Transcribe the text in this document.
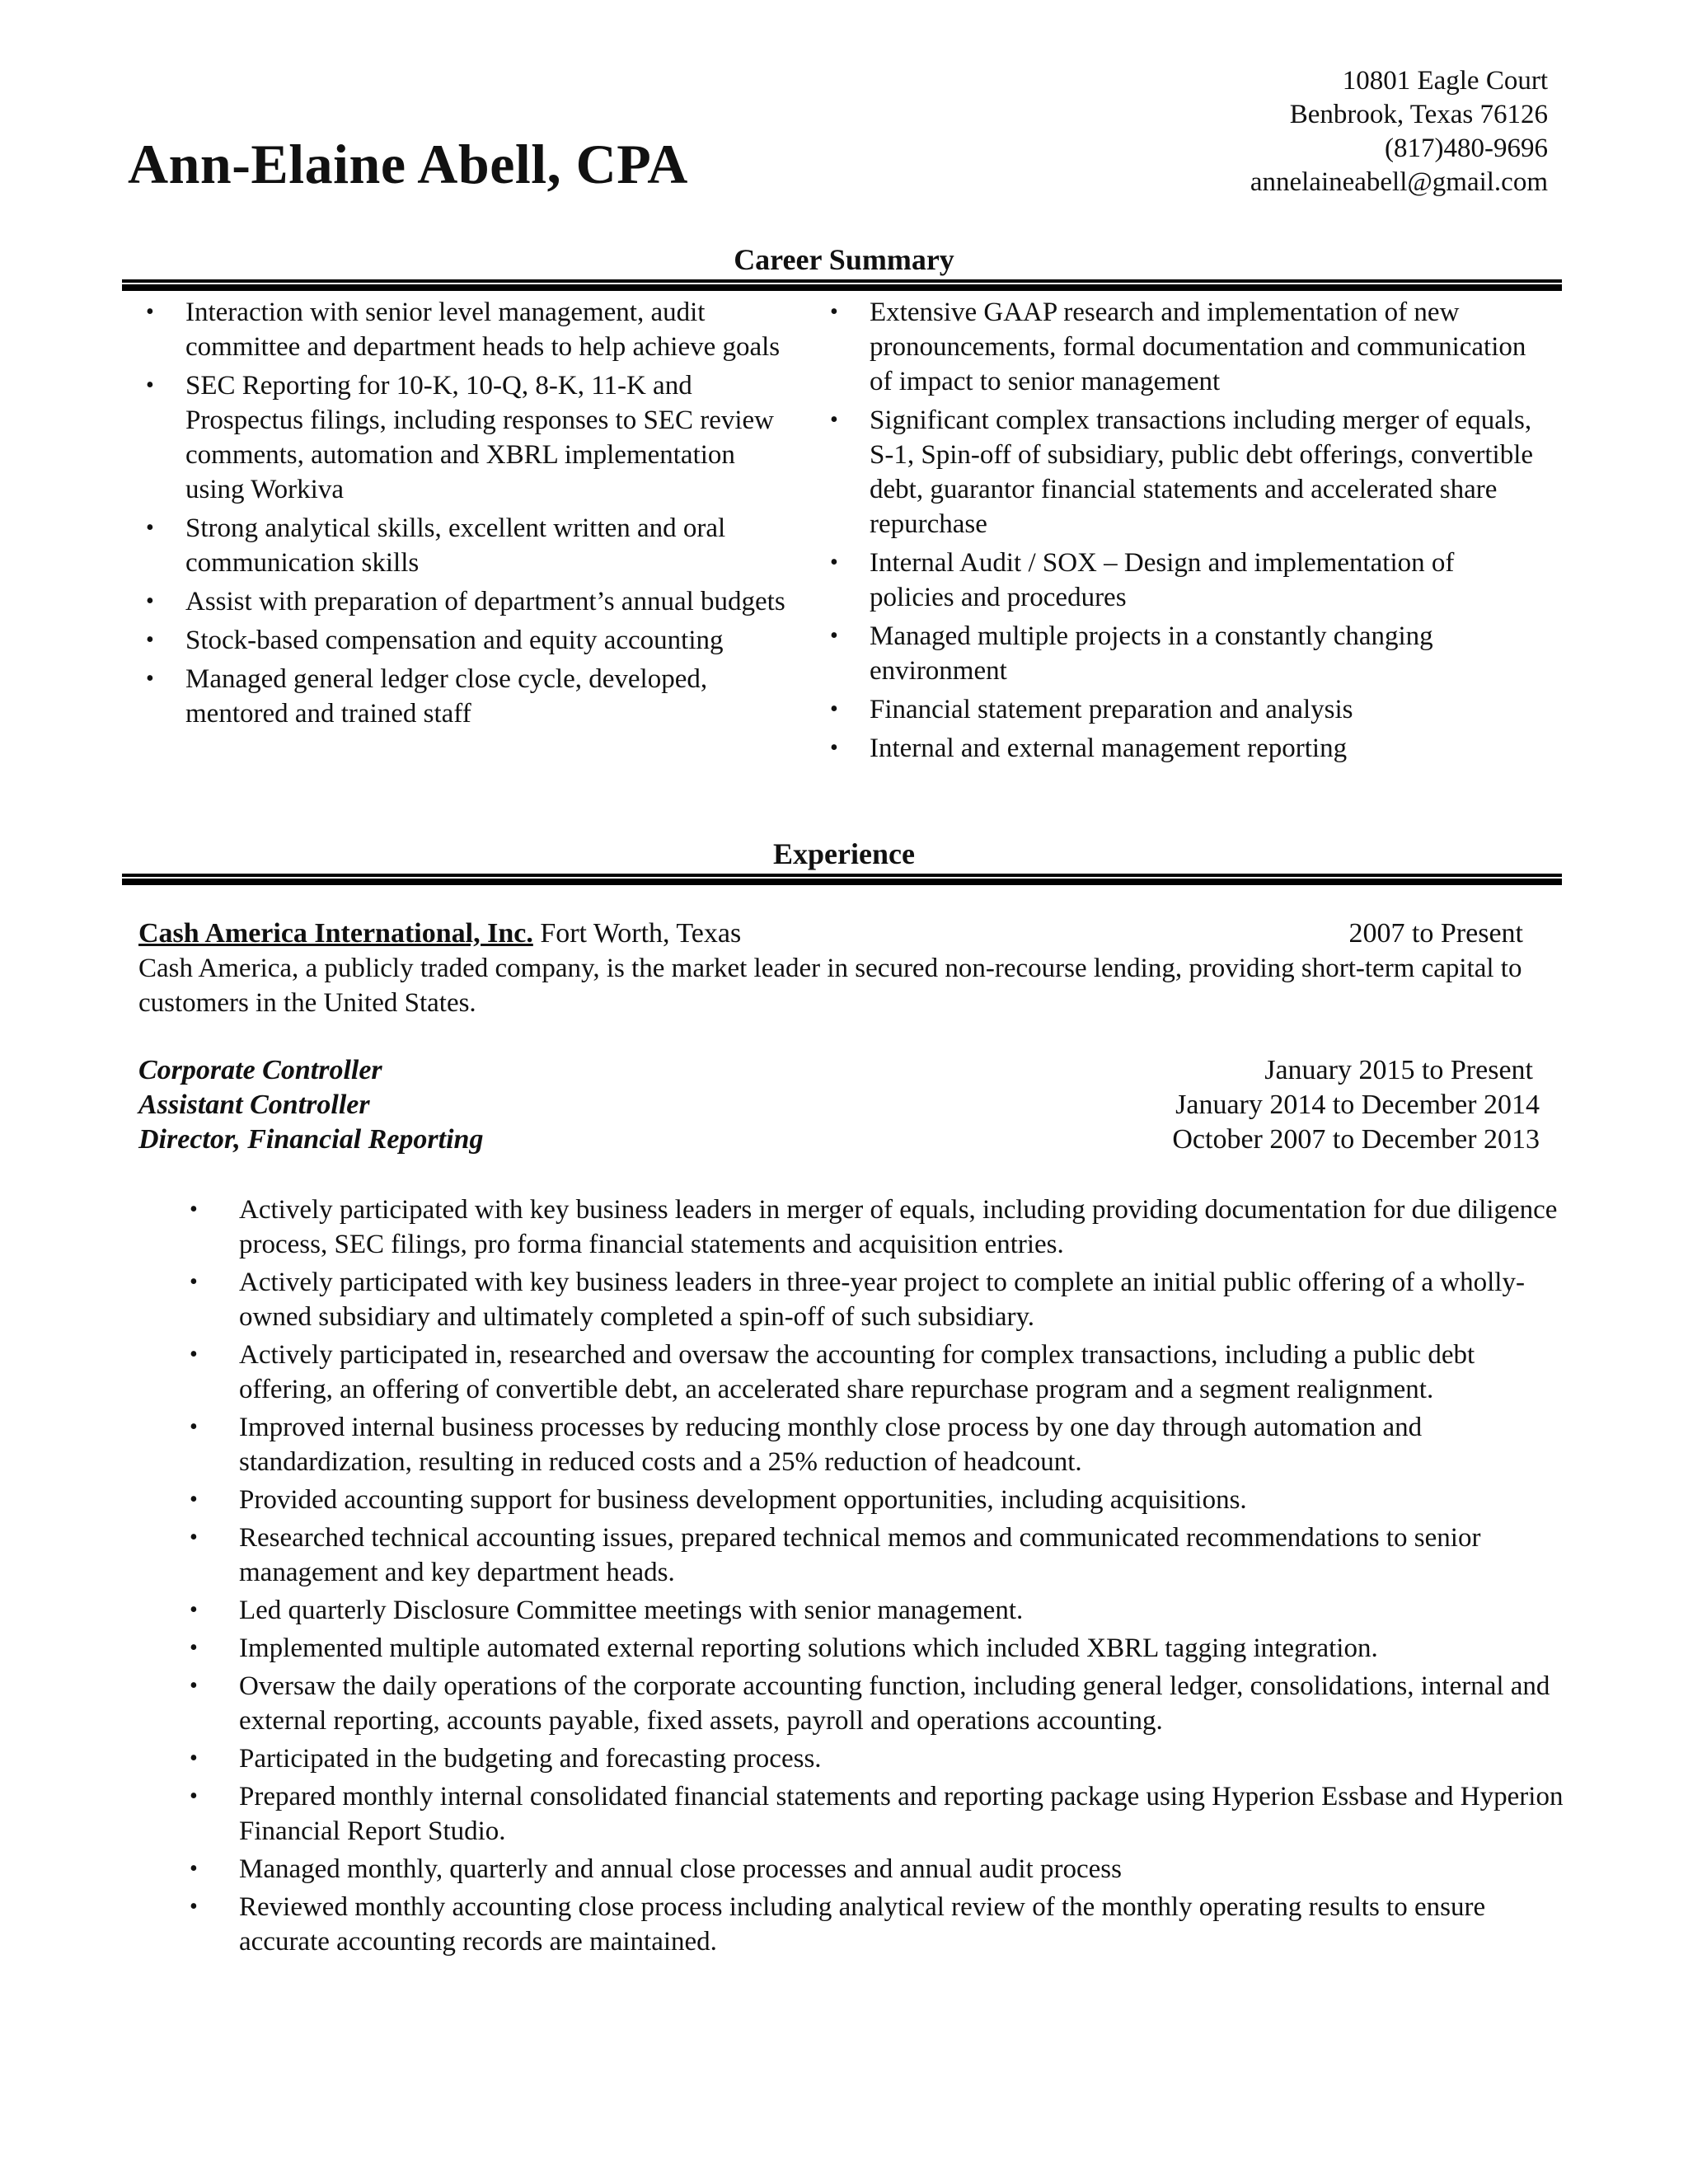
Ann-Elaine Abell, CPA
10801 Eagle Court
Benbrook, Texas 76126
(817)480-9696
annelaineabell@gmail.com
Career Summary
• Interaction with senior level management, audit committee and department heads to help achieve goals
• SEC Reporting for 10-K, 10-Q, 8-K, 11-K and Prospectus filings, including responses to SEC review comments, automation and XBRL implementation using Workiva
• Strong analytical skills, excellent written and oral communication skills
• Assist with preparation of department’s annual budgets
• Stock-based compensation and equity accounting
• Managed general ledger close cycle, developed, mentored and trained staff
• Extensive GAAP research and implementation of new pronouncements, formal documentation and communication of impact to senior management
• Significant complex transactions including merger of equals, S-1, Spin-off of subsidiary, public debt offerings, convertible debt, guarantor financial statements and accelerated share repurchase
• Internal Audit / SOX – Design and implementation of policies and procedures
• Managed multiple projects in a constantly changing environment
• Financial statement preparation and analysis
• Internal and external management reporting
Experience
Cash America International, Inc. Fort Worth, Texas	2007 to Present
Cash America, a publicly traded company, is the market leader in secured non-recourse lending, providing short-term capital to customers in the United States.
Corporate Controller	January 2015 to Present
Assistant Controller	January 2014 to December 2014
Director, Financial Reporting	October 2007 to December 2013
• Actively participated with key business leaders in merger of equals, including providing documentation for due diligence process, SEC filings, pro forma financial statements and acquisition entries.
• Actively participated with key business leaders in three-year project to complete an initial public offering of a wholly-owned subsidiary and ultimately completed a spin-off of such subsidiary.
• Actively participated in, researched and oversaw the accounting for complex transactions, including a public debt offering, an offering of convertible debt, an accelerated share repurchase program and a segment realignment.
• Improved internal business processes by reducing monthly close process by one day through automation and standardization, resulting in reduced costs and a 25% reduction of headcount.
• Provided accounting support for business development opportunities, including acquisitions.
• Researched technical accounting issues, prepared technical memos and communicated recommendations to senior management and key department heads.
• Led quarterly Disclosure Committee meetings with senior management.
• Implemented multiple automated external reporting solutions which included XBRL tagging integration.
• Oversaw the daily operations of the corporate accounting function, including general ledger, consolidations, internal and external reporting, accounts payable, fixed assets, payroll and operations accounting.
• Participated in the budgeting and forecasting process.
• Prepared monthly internal consolidated financial statements and reporting package using Hyperion Essbase and Hyperion Financial Report Studio.
• Managed monthly, quarterly and annual close processes and annual audit process
• Reviewed monthly accounting close process including analytical review of the monthly operating results to ensure accurate accounting records are maintained.
